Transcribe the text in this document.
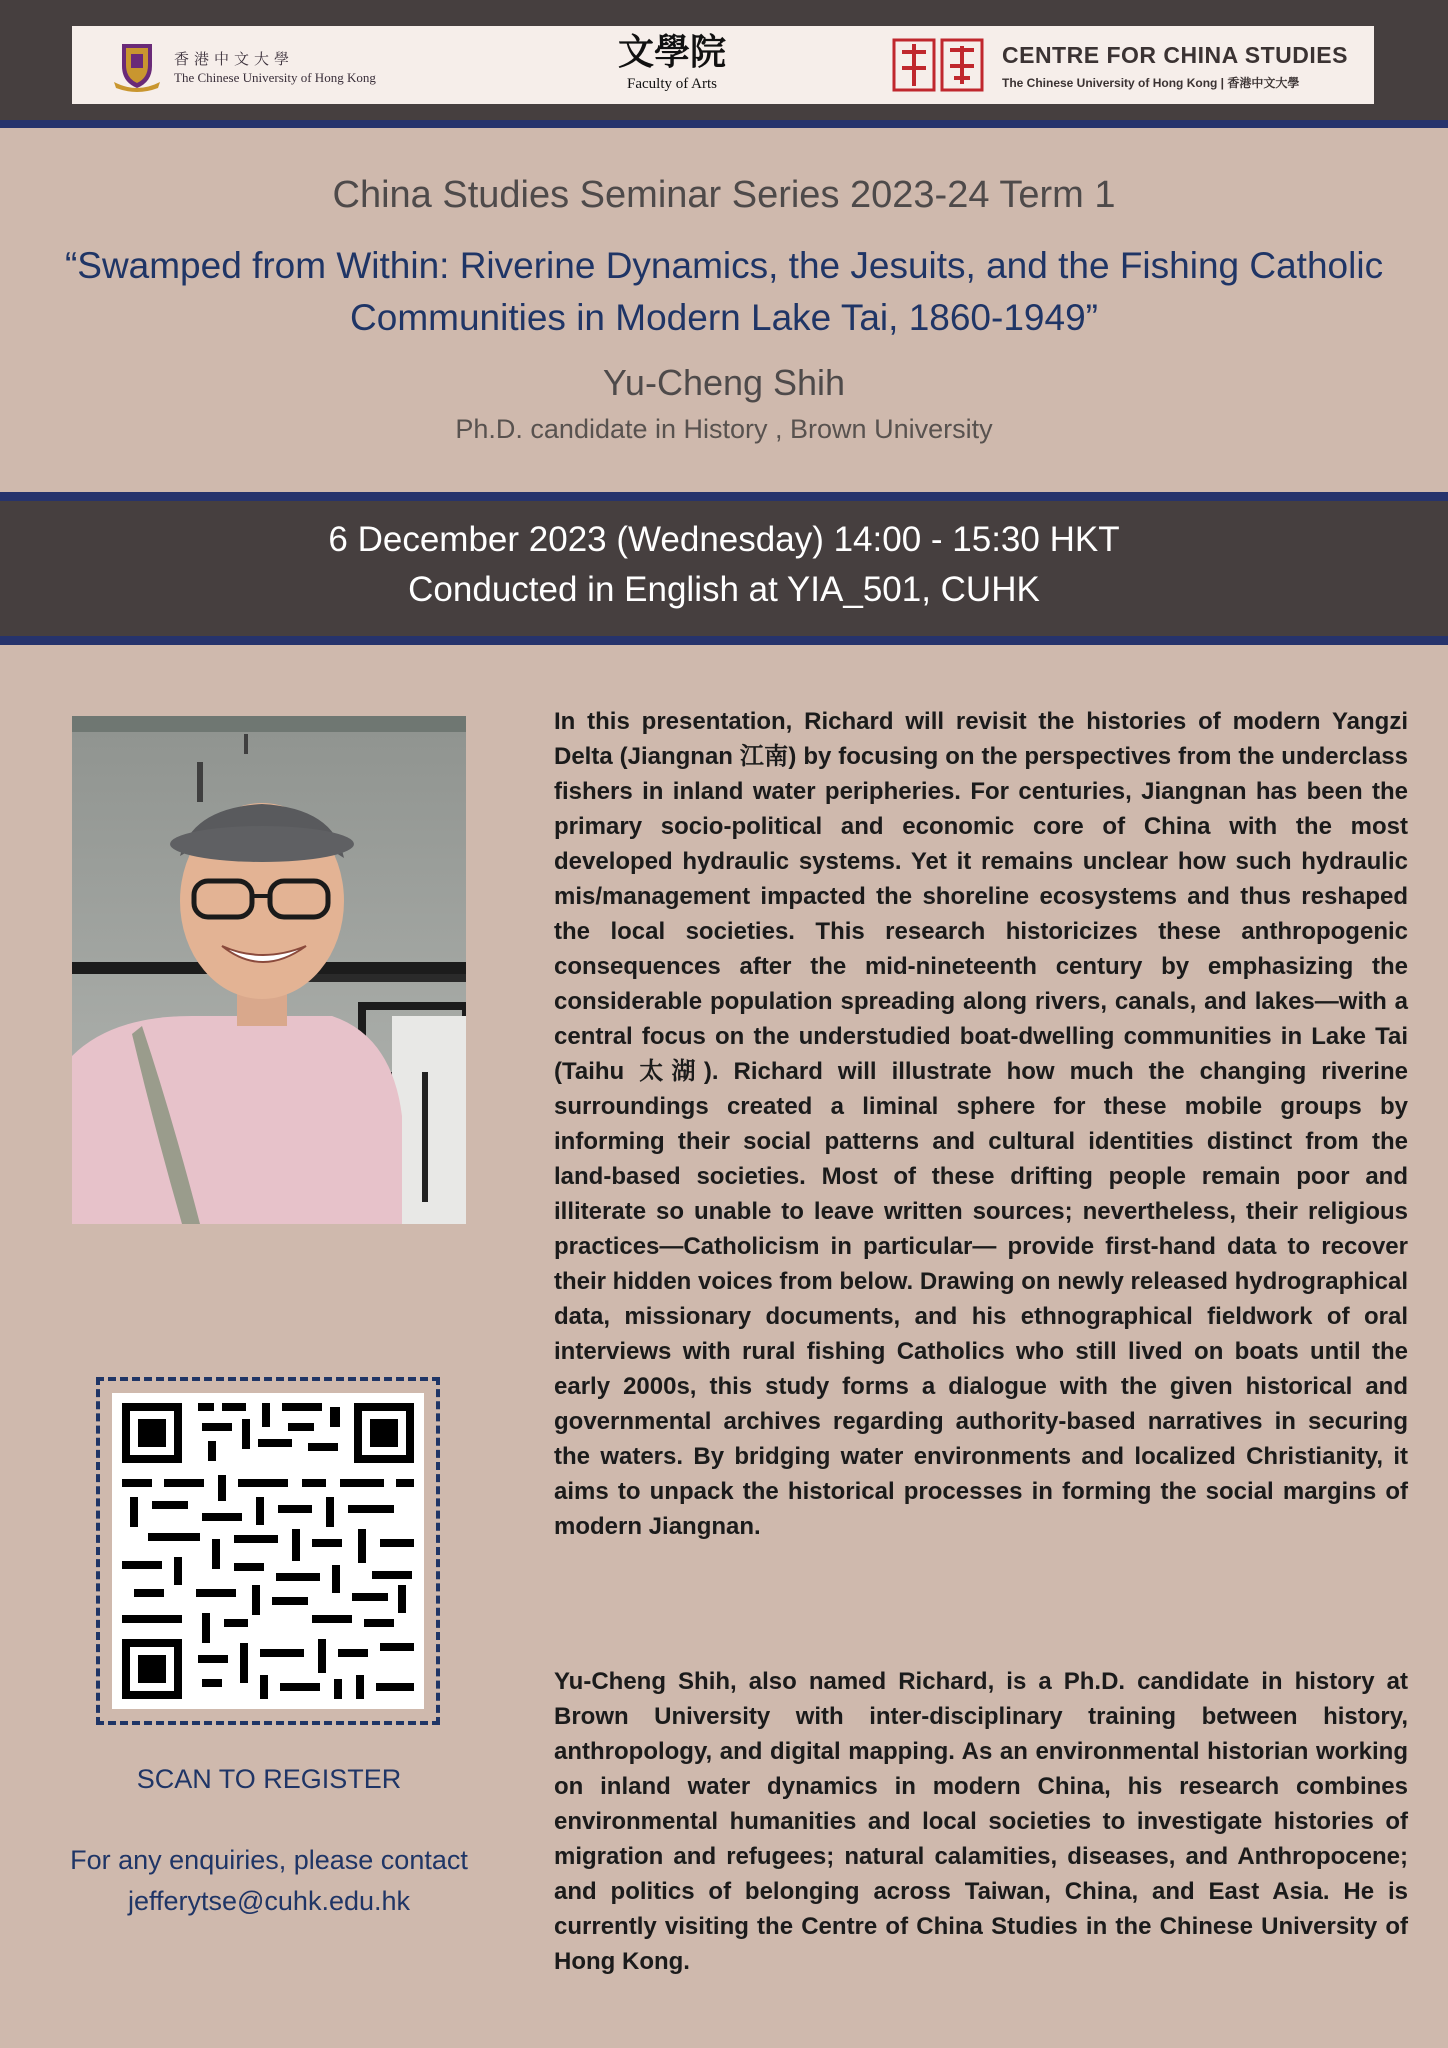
香港中文大學
The Chinese University of Hong Kong
文學院
Faculty of Arts
CENTRE FOR CHINA STUDIES
The Chinese University of Hong Kong | 香港中文大學
China Studies Seminar Series 2023-24 Term 1
“Swamped from Within: Riverine Dynamics, the Jesuits, and the Fishing Catholic Communities in Modern Lake Tai, 1860-1949”
Yu-Cheng Shih
Ph.D. candidate in History , Brown University
6 December 2023 (Wednesday) 14:00 - 15:30 HKT
Conducted in English at YIA_501, CUHK
SCAN TO REGISTER
For any enquiries, please contact
jefferytse@cuhk.edu.hk

In this presentation, Richard will revisit the histories of modern Yangzi Delta (Jiangnan 江南) by focusing on the perspectives from the underclass fishers in inland water peripheries. For centuries, Jiangnan has been the primary socio-political and economic core of China with the most developed hydraulic systems. Yet it remains unclear how such hydraulic mis/management impacted the shoreline ecosystems and thus reshaped the local societies. This research historicizes these anthropogenic consequences after the mid-nineteenth century by emphasizing the considerable population spreading along rivers, canals, and lakes—with a central focus on the understudied boat-dwelling communities in Lake Tai (Taihu 太湖). Richard will illustrate how much the changing riverine surroundings created a liminal sphere for these mobile groups by informing their social patterns and cultural identities distinct from the land-based societies. Most of these drifting people remain poor and illiterate so unable to leave written sources; nevertheless, their religious practices—Catholicism in particular— provide first-hand data to recover their hidden voices from below. Drawing on newly released hydrographical data, missionary documents, and his ethnographical fieldwork of oral interviews with rural fishing Catholics who still lived on boats until the early 2000s, this study forms a dialogue with the given historical and governmental archives regarding authority-based narratives in securing the waters. By bridging water environments and localized Christianity, it aims to unpack the historical processes in forming the social margins of modern Jiangnan.

Yu-Cheng Shih, also named Richard, is a Ph.D. candidate in history at Brown University with inter-disciplinary training between history, anthropology, and digital mapping. As an environmental historian working on inland water dynamics in modern China, his research combines environmental humanities and local societies to investigate histories of migration and refugees; natural calamities, diseases, and Anthropocene; and politics of belonging across Taiwan, China, and East Asia. He is currently visiting the Centre of China Studies in the Chinese University of Hong Kong.
